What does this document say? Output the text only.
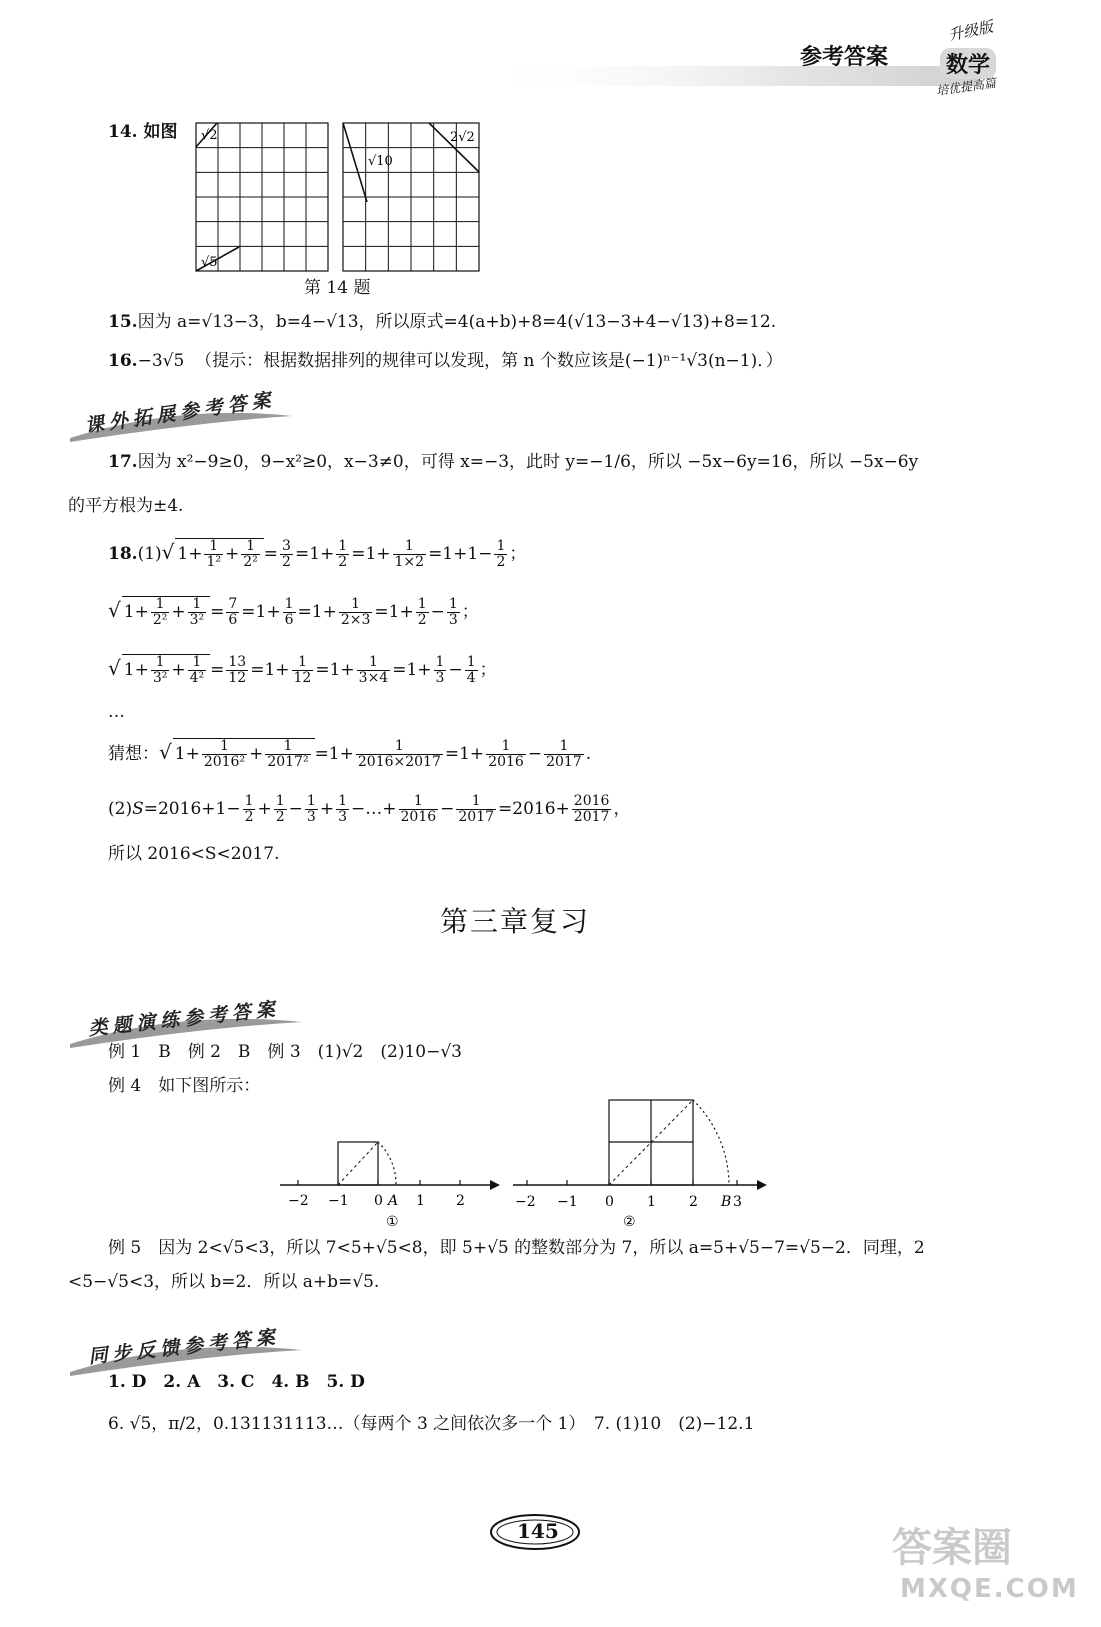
参考答案
升级版
数学
培优提高篇
14. 如图 √2
√5
√10
2√2
第 14 题
15.因为 a=√13−3，b=4−√13，所以原式=4(a+b)+8=4(√13−3+4−√13)+8=12.
16.−3√5 （提示：根据数据排列的规律可以发现，第 n 个数应该是(−1)ⁿ⁻¹√3(n−1)．）
课外拓展参考答案
17.因为 x²−9≥0，9−x²≥0，x−3≠0，可得 x=−3，此时 y=−1/6，所以 −5x−6y=16，所以 −5x−6y
的平方根为±4.
18.(1)√ $1+ \frac{1}{\text{1²}} + \frac{1}{\text{2²}} = \frac{3}{2} =1+ \frac{1}{2} =1+ \frac{1}{1\times 2} =1+1- \frac{1}{2}$ ；
√ $1+ \frac{1}{\text{2²}} + \frac{1}{\text{3²}} = \frac{7}{6} =1+ \frac{1}{6} =1+ \frac{1}{2\times 3} =1+ \frac{1}{2} - \frac{1}{3}$ ；
√ $1+ \frac{1}{\text{3²}} + \frac{1}{\text{4²}} = \frac{13}{12} =1+ \frac{1}{12} =1+ \frac{1}{3\times 4} =1+ \frac{1}{3} - \frac{1}{4}$ ；
…
猜想：√ $1+ \frac{1}{\text{2016²}} + \frac{1}{\text{2017²}} =1+ \frac{1}{2016\times 2017} =1+ \frac{1}{2016} - \frac{1}{2017}$ .
$(2)S=2016+1- \frac{1}{2} + \frac{1}{2} - \frac{1}{3} + \frac{1}{3}$ −…+ $\frac{1}{2016} - \frac{1}{2017} =2016+ \frac{2016}{2017}$ ，
所以 2016<S<2017.
第三章复习
类题演练参考答案
例 1　B　例 2　B　例 3　(1)√2　(2)10−√3
例 4　如下图所示：
−2 −1 0 A 1 2
①
−2 −1 0 1 2 B 3
②
例 5　因为 2<√5<3，所以 7<5+√5<8，即 5+√5 的整数部分为 7，所以 a=5+√5−7=√5−2．同理，2
<5−√5<3，所以 b=2．所以 a+b=√5.
同步反馈参考答案
1. D　2. A　3. C　4. B　5. D
6. √5，π/2，0.131131113…（每两个 3 之间依次多一个 1）　7. (1)10　(2)−12.1
145	答案圈
MXQE.COM
